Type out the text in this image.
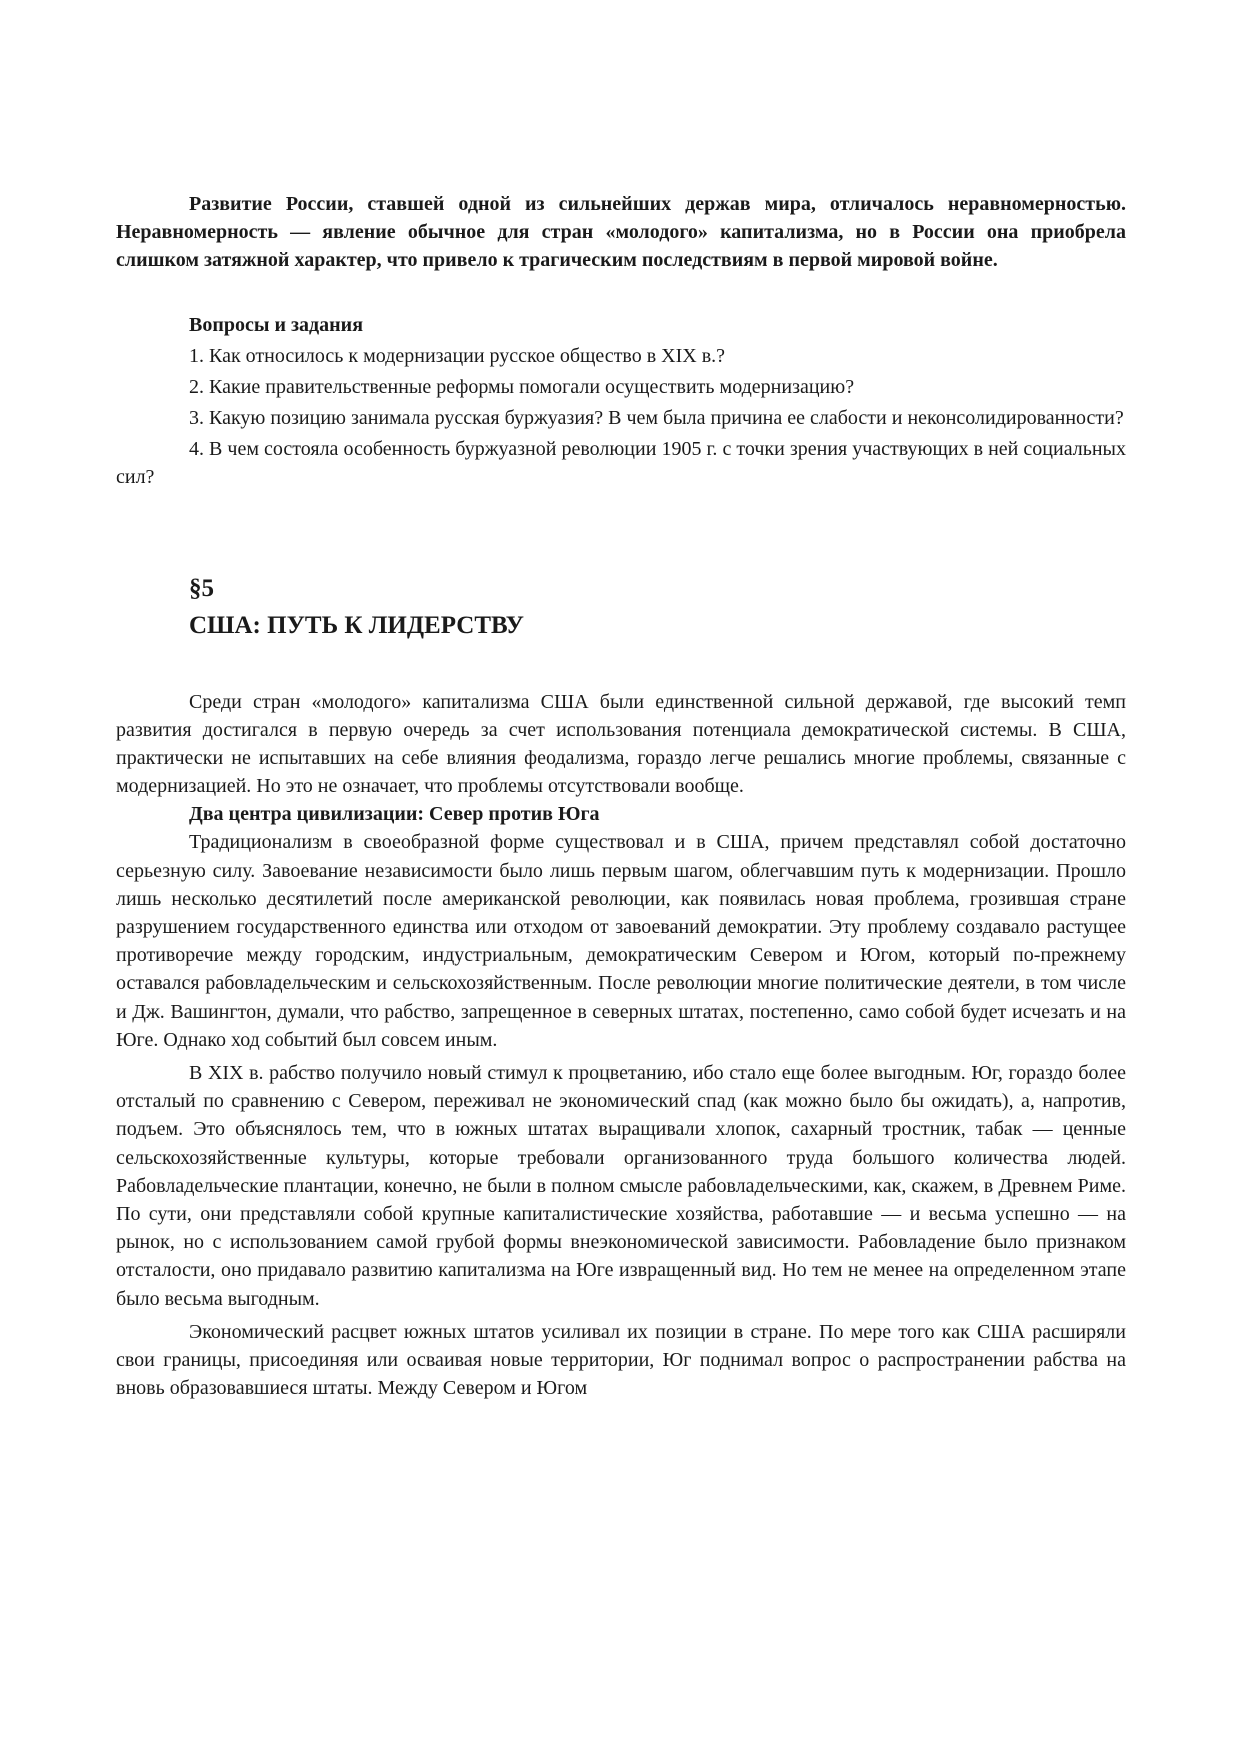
Развитие России, ставшей одной из сильнейших держав мира, отличалось неравномерностью. Неравномерность — явление обычное для стран «молодого» капитализма, но в России она приобрела слишком затяжной характер, что привело к трагическим последствиям в первой мировой войне.

Вопросы и задания

1. Как относилось к модернизации русское общество в XIX в.?

2. Какие правительственные реформы помогали осуществить модернизацию?

3. Какую позицию занимала русская буржуазия? В чем была причина ее слабости и неконсолидированности?

4. В чем состояла особенность буржуазной революции 1905 г. с точки зрения участвующих в ней социальных сил?

§5
США: ПУТЬ К ЛИДЕРСТВУ

Среди стран «молодого» капитализма США были единственной сильной державой, где высокий темп развития достигался в первую очередь за счет использования потенциала демократической системы. В США, практически не испытавших на себе влияния феодализма, гораздо легче решались многие проблемы, связанные с модернизацией. Но это не означает, что проблемы отсутствовали вообще.

Два центра цивилизации: Север против Юга

Традиционализм в своеобразной форме существовал и в США, причем представлял собой достаточно серьезную силу. Завоевание независимости было лишь первым шагом, облегчавшим путь к модернизации. Прошло лишь несколько десятилетий после американской революции, как появилась новая проблема, грозившая стране разрушением государственного единства или отходом от завоеваний демократии. Эту проблему создавало растущее противоречие между городским, индустриальным, демократическим Севером и Югом, который по-прежнему оставался рабовладельческим и сельскохозяйственным. После революции многие политические деятели, в том числе и Дж. Вашингтон, думали, что рабство, запрещенное в северных штатах, постепенно, само собой будет исчезать и на Юге. Однако ход событий был совсем иным.

В XIX в. рабство получило новый стимул к процветанию, ибо стало еще более выгодным. Юг, гораздо более отсталый по сравнению с Севером, переживал не экономический спад (как можно было бы ожидать), а, напротив, подъем. Это объяснялось тем, что в южных штатах выращивали хлопок, сахарный тростник, табак — ценные сельскохозяйственные культуры, которые требовали организованного труда большого количества людей. Рабовладельческие плантации, конечно, не были в полном смысле рабовладельческими, как, скажем, в Древнем Риме. По сути, они представляли собой крупные капиталистические хозяйства, работавшие — и весьма успешно — на рынок, но с использованием самой грубой формы внеэкономической зависимости. Рабовладение было признаком отсталости, оно придавало развитию капитализма на Юге извращенный вид. Но тем не менее на определенном этапе было весьма выгодным.

Экономический расцвет южных штатов усиливал их позиции в стране. По мере того как США расширяли свои границы, присоединяя или осваивая новые территории, Юг поднимал вопрос о распространении рабства на вновь образовавшиеся штаты. Между Севером и Югом
